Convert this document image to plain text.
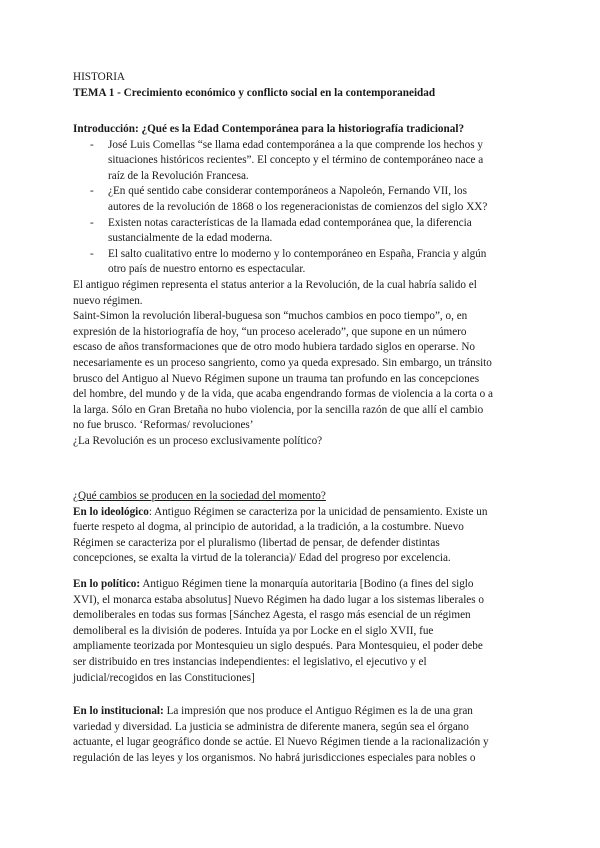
HISTORIA
TEMA 1 - Crecimiento económico y conflicto social en la contemporaneidad
Introducción: ¿Qué es la Edad Contemporánea para la historiografía tradicional?
- José Luis Comellas “se llama edad contemporánea a la que comprende los hechos y
situaciones históricos recientes”. El concepto y el término de contemporáneo nace a
raíz de la Revolución Francesa.
- ¿En qué sentido cabe considerar contemporáneos a Napoleón, Fernando VII, los
autores de la revolución de 1868 o los regeneracionistas de comienzos del siglo XX?
- Existen notas características de la llamada edad contemporánea que, la diferencia
sustancialmente de la edad moderna.
- El salto cualitativo entre lo moderno y lo contemporáneo en España, Francia y algún
otro país de nuestro entorno es espectacular.
El antiguo régimen representa el status anterior a la Revolución, de la cual habría salido el
nuevo régimen.
Saint-Simon la revolución liberal-buguesa son “muchos cambios en poco tiempo”, o, en
expresión de la historiografía de hoy, “un proceso acelerado”, que supone en un número
escaso de años transformaciones que de otro modo hubiera tardado siglos en operarse. No
necesariamente es un proceso sangriento, como ya queda expresado. Sin embargo, un tránsito
brusco del Antiguo al Nuevo Régimen supone un trauma tan profundo en las concepciones
del hombre, del mundo y de la vida, que acaba engendrando formas de violencia a la corta o a
la larga. Sólo en Gran Bretaña no hubo violencia, por la sencilla razón de que allí el cambio
no fue brusco. ‘Reformas/ revoluciones’
¿La Revolución es un proceso exclusivamente político?
¿Qué cambios se producen en la sociedad del momento?
En lo ideológico: Antiguo Régimen se caracteriza por la unicidad de pensamiento. Existe un
fuerte respeto al dogma, al principio de autoridad, a la tradición, a la costumbre. Nuevo
Régimen se caracteriza por el pluralismo (libertad de pensar, de defender distintas
concepciones, se exalta la virtud de la tolerancia)/ Edad del progreso por excelencia.
En lo político: Antiguo Régimen tiene la monarquía autoritaria [Bodino (a fines del siglo
XVI), el monarca estaba absolutus] Nuevo Régimen ha dado lugar a los sistemas liberales o
demoliberales en todas sus formas [Sánchez Agesta, el rasgo más esencial de un régimen
demoliberal es la división de poderes. Intuída ya por Locke en el siglo XVII, fue
ampliamente teorizada por Montesquieu un siglo después. Para Montesquieu, el poder debe
ser distribuido en tres instancias independientes: el legislativo, el ejecutivo y el
judicial/recogidos en las Constituciones]
En lo institucional: La impresión que nos produce el Antiguo Régimen es la de una gran
variedad y diversidad. La justicia se administra de diferente manera, según sea el órgano
actuante, el lugar geográfico donde se actúe. El Nuevo Régimen tiende a la racionalización y
regulación de las leyes y los organismos. No habrá jurisdicciones especiales para nobles o
